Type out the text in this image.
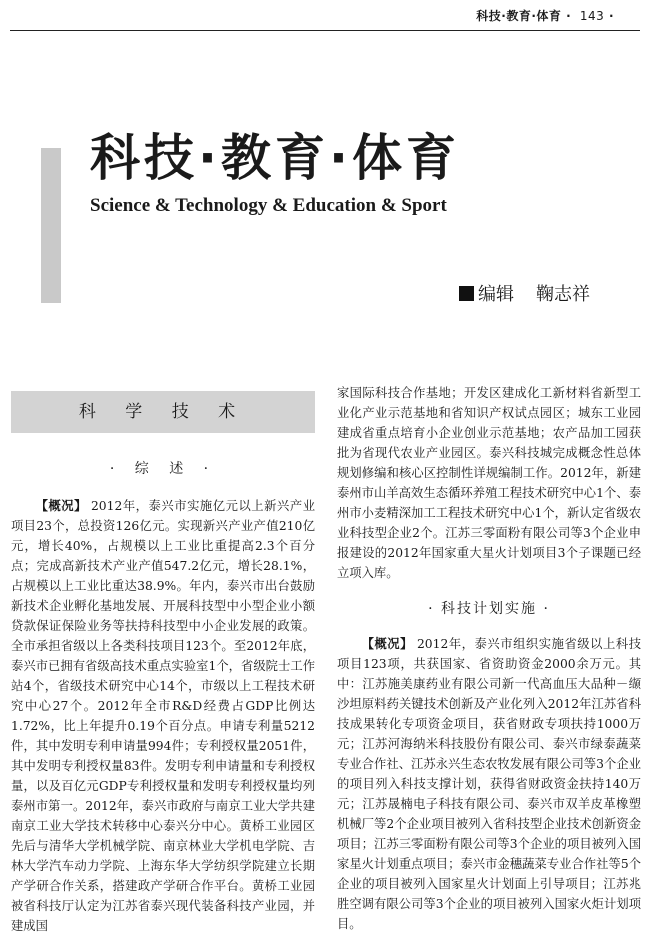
科技·教育·体育 · 143 ·
科技·教育·体育
Science & Technology & Education & Sport
编辑 鞠志祥
科 学 技 术
· 综 述 ·

【概况】 2012年，泰兴市实施亿元以上新兴产业项目23个，总投资126亿元。实现新兴产业产值210亿元，增长40%，占规模以上工业比重提高2.3个百分点；完成高新技术产业产值547.2亿元，增长28.1%，占规模以上工业比重达38.9%。年内，泰兴市出台鼓励新技术企业孵化基地发展、开展科技型中小型企业小额贷款保证保险业务等扶持科技型中小企业发展的政策。全市承担省级以上各类科技项目123个。至2012年底，泰兴市已拥有省级高技术重点实验室1个，省级院士工作站4个，省级技术研究中心14个，市级以上工程技术研究中心27个。2012年全市R&D经费占GDP比例达1.72%，比上年提升0.19个百分点。申请专利量5212件，其中发明专利申请量994件；专利授权量2051件，其中发明专利授权量83件。发明专利申请量和专利授权量，以及百亿元GDP专利授权量和发明专利授权量均列泰州市第一。2012年，泰兴市政府与南京工业大学共建南京工业大学技术转移中心泰兴分中心。黄桥工业园区先后与清华大学机械学院、南京林业大学机电学院、吉林大学汽车动力学院、上海东华大学纺织学院建立长期产学研合作关系，搭建政产学研合作平台。黄桥工业园被省科技厅认定为江苏省泰兴现代装备科技产业园，并建成国

家国际科技合作基地；开发区建成化工新材料省新型工业化产业示范基地和省知识产权试点园区；城东工业园建成省重点培育小企业创业示范基地；农产品加工园获批为省现代农业产业园区。泰兴科技城完成概念性总体规划修编和核心区控制性详规编制工作。2012年，新建泰州市山羊高效生态循环养殖工程技术研究中心1个、泰州市小麦精深加工工程技术研究中心1个，新认定省级农业科技型企业2个。江苏三零面粉有限公司等3个企业申报建设的2012年国家重大星火计划项目3个子课题已经立项入库。

· 科技计划实施 ·

【概况】 2012年，泰兴市组织实施省级以上科技项目123项，共获国家、省资助资金2000余万元。其中：江苏施美康药业有限公司新一代高血压大品种－缬沙坦原料药关键技术创新及产业化列入2012年江苏省科技成果转化专项资金项目，获省财政专项扶持1000万元；江苏河海纳米科技股份有限公司、泰兴市绿泰蔬菜专业合作社、江苏永兴生态农牧发展有限公司等3个企业的项目列入科技支撑计划，获得省财政资金扶持140万元；江苏晟楠电子科技有限公司、泰兴市双羊皮革橡塑机械厂等2个企业项目被列入省科技型企业技术创新资金项目；江苏三零面粉有限公司等3个企业的项目被列入国家星火计划重点项目；泰兴市金穗蔬菜专业合作社等5个企业的项目被列入国家星火计划面上引导项目；江苏兆胜空调有限公司等3个企业的项目被列入国家火炬计划项目。
